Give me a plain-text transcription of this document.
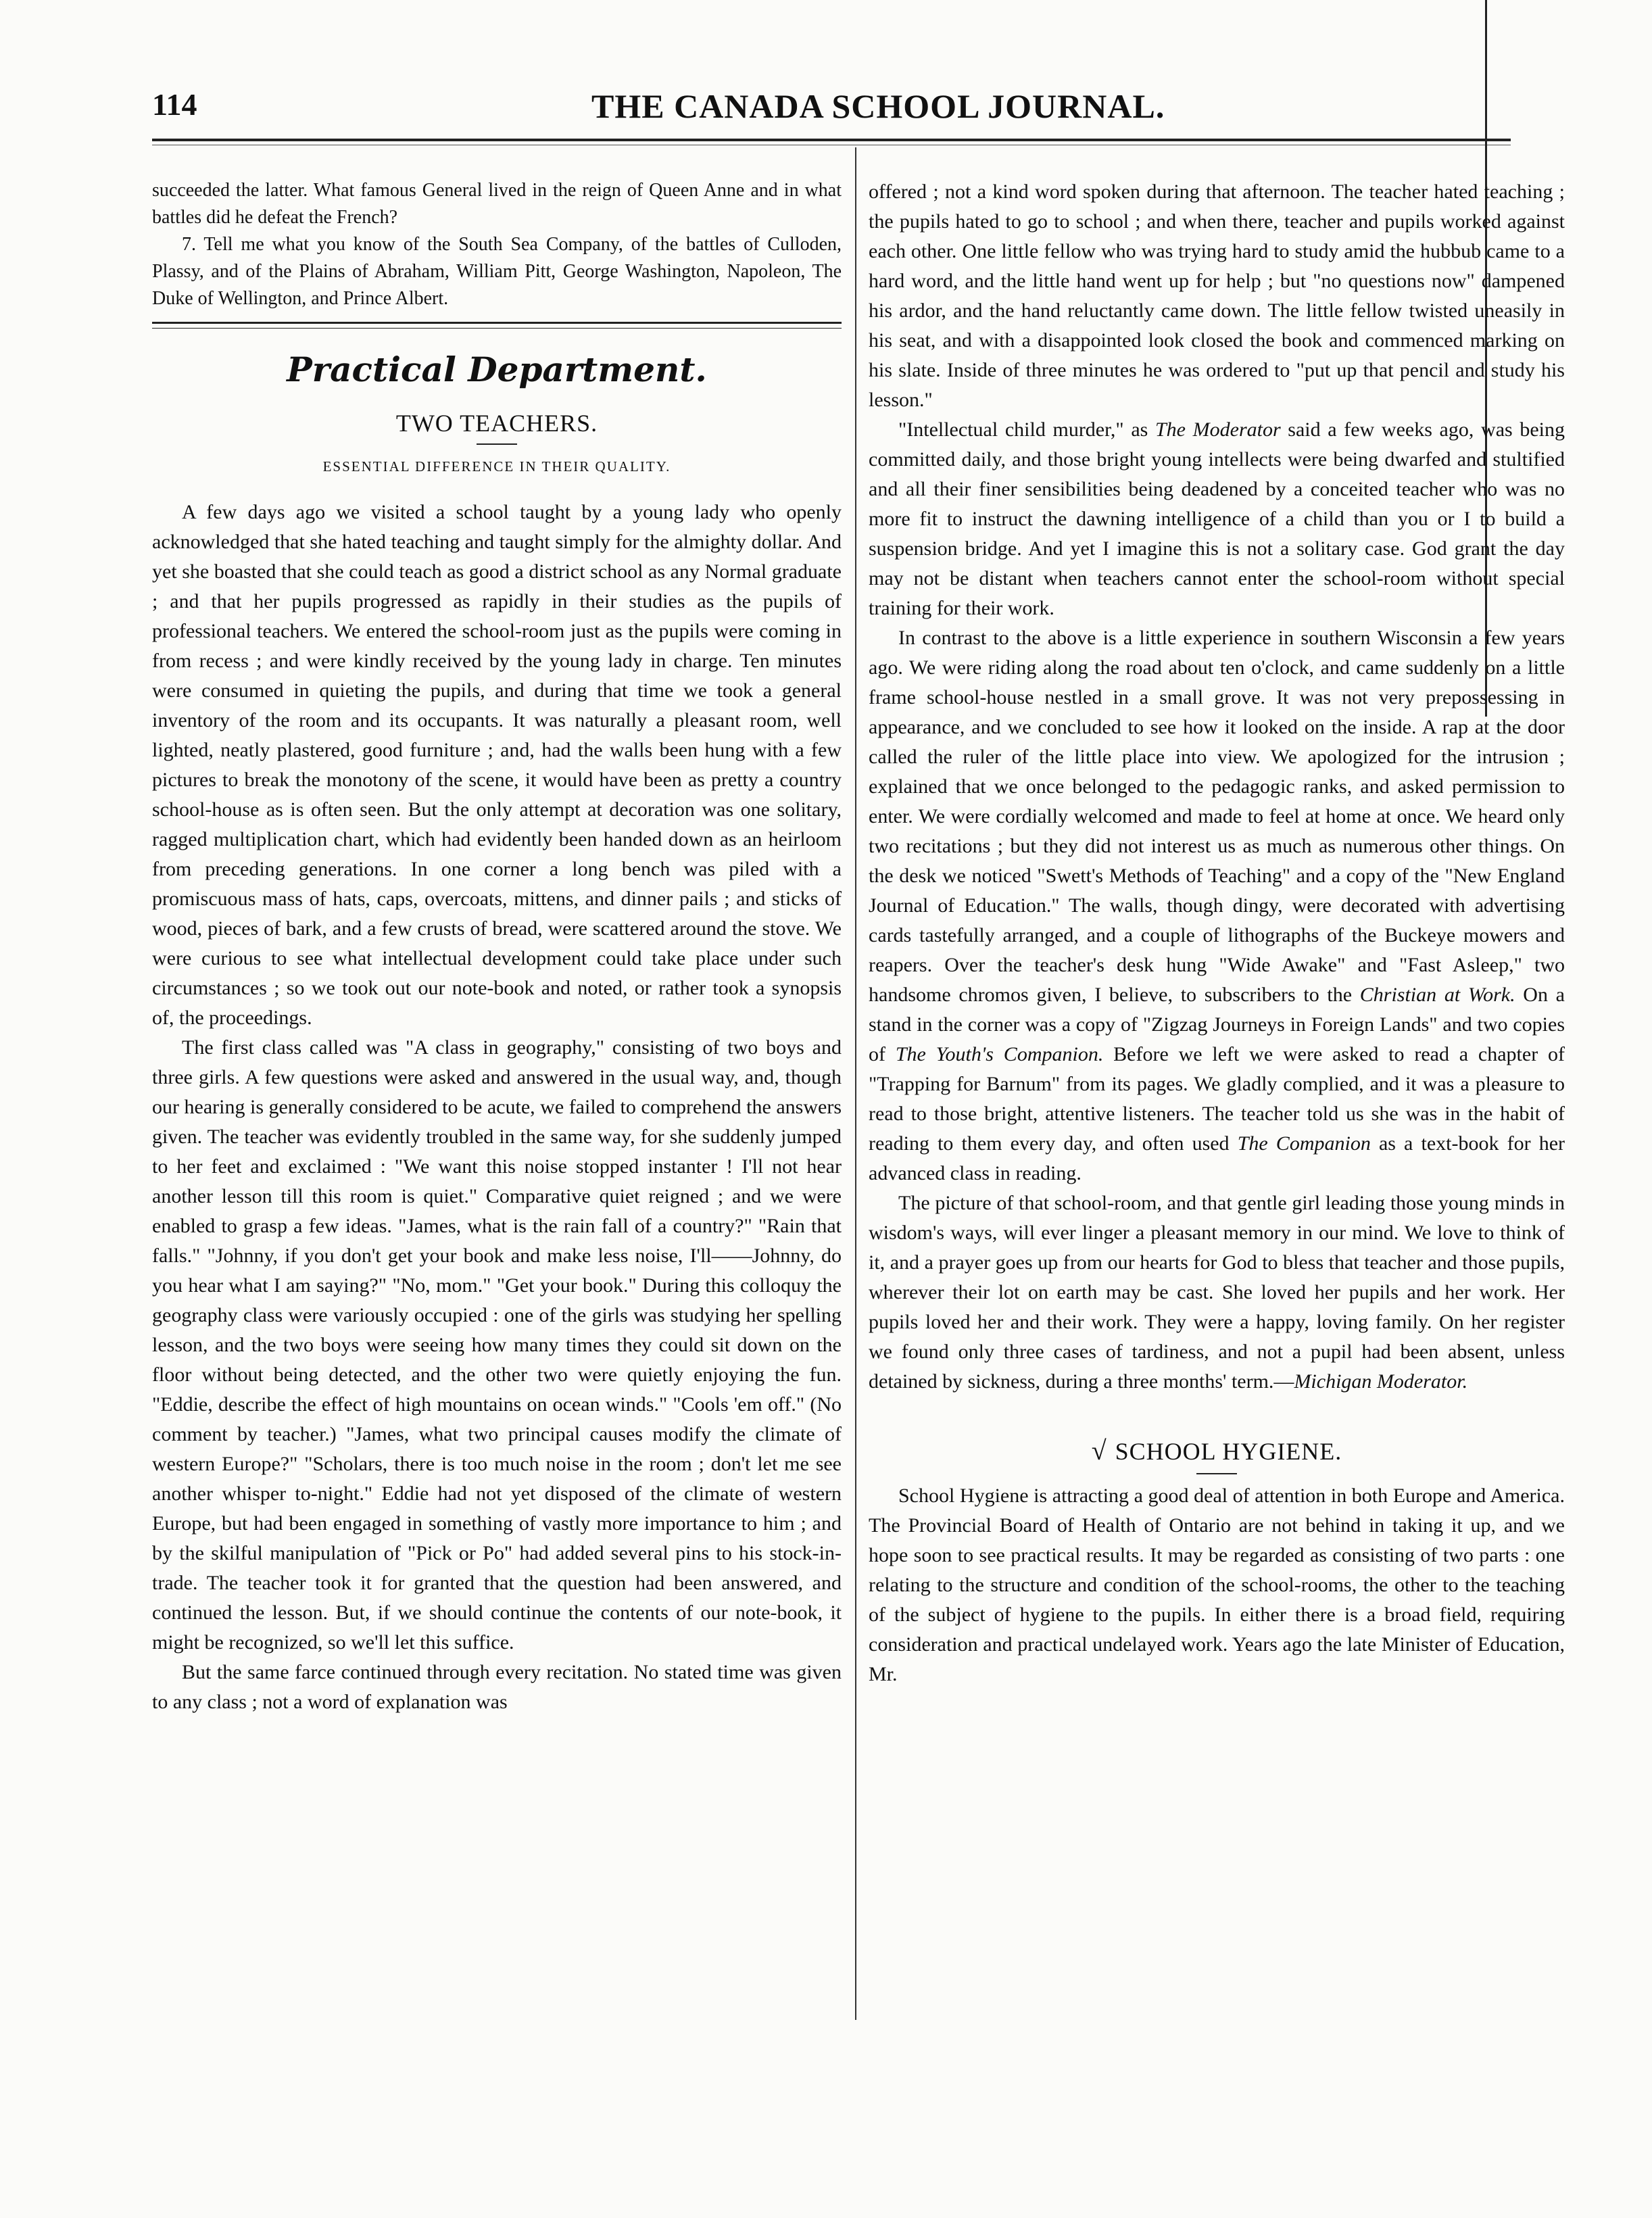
114	THE CANADA SCHOOL JOURNAL.

succeeded the latter. What famous General lived in the reign of Queen Anne and in what battles did he defeat the French?

7. Tell me what you know of the South Sea Company, of the battles of Culloden, Plassy, and of the Plains of Abraham, William Pitt, George Washington, Napoleon, The Duke of Wellington, and Prince Albert.

Practical Department.
TWO TEACHERS.
ESSENTIAL DIFFERENCE IN THEIR QUALITY.

A few days ago we visited a school taught by a young lady who openly acknowledged that she hated teaching and taught simply for the almighty dollar. And yet she boasted that she could teach as good a district school as any Normal graduate ; and that her pupils progressed as rapidly in their studies as the pupils of professional teachers. We entered the school-room just as the pupils were coming in from recess ; and were kindly received by the young lady in charge. Ten minutes were consumed in quieting the pupils, and during that time we took a general inventory of the room and its occupants. It was naturally a pleasant room, well lighted, neatly plastered, good furniture ; and, had the walls been hung with a few pictures to break the monotony of the scene, it would have been as pretty a country school-house as is often seen. But the only attempt at decoration was one solitary, ragged multiplication chart, which had evidently been handed down as an heirloom from preceding generations. In one corner a long bench was piled with a promiscuous mass of hats, caps, overcoats, mittens, and dinner pails ; and sticks of wood, pieces of bark, and a few crusts of bread, were scattered around the stove. We were curious to see what intellectual development could take place under such circumstances ; so we took out our note-book and noted, or rather took a synopsis of, the proceedings.

The first class called was "A class in geography," consisting of two boys and three girls. A few questions were asked and answered in the usual way, and, though our hearing is generally considered to be acute, we failed to comprehend the answers given. The teacher was evidently troubled in the same way, for she suddenly jumped to her feet and exclaimed : "We want this noise stopped instanter ! I'll not hear another lesson till this room is quiet." Comparative quiet reigned ; and we were enabled to grasp a few ideas. "James, what is the rain fall of a country?" "Rain that falls." "Johnny, if you don't get your book and make less noise, I'll——Johnny, do you hear what I am saying?" "No, mom." "Get your book." During this colloquy the geography class were variously occupied : one of the girls was studying her spelling lesson, and the two boys were seeing how many times they could sit down on the floor without being detected, and the other two were quietly enjoying the fun. "Eddie, describe the effect of high mountains on ocean winds." "Cools 'em off." (No comment by teacher.) "James, what two principal causes modify the climate of western Europe?" "Scholars, there is too much noise in the room ; don't let me see another whisper to-night." Eddie had not yet disposed of the climate of western Europe, but had been engaged in something of vastly more importance to him ; and by the skilful manipulation of "Pick or Po" had added several pins to his stock-in-trade. The teacher took it for granted that the question had been answered, and continued the lesson. But, if we should continue the contents of our note-book, it might be recognized, so we'll let this suffice.

But the same farce continued through every recitation. No stated time was given to any class ; not a word of explanation was

offered ; not a kind word spoken during that afternoon. The teacher hated teaching ; the pupils hated to go to school ; and when there, teacher and pupils worked against each other. One little fellow who was trying hard to study amid the hubbub came to a hard word, and the little hand went up for help ; but "no questions now" dampened his ardor, and the hand reluctantly came down. The little fellow twisted uneasily in his seat, and with a disappointed look closed the book and commenced marking on his slate. Inside of three minutes he was ordered to "put up that pencil and study his lesson."

"Intellectual child murder," as The Moderator said a few weeks ago, was being committed daily, and those bright young intellects were being dwarfed and stultified and all their finer sensibilities being deadened by a conceited teacher who was no more fit to instruct the dawning intelligence of a child than you or I to build a suspension bridge. And yet I imagine this is not a solitary case. God grant the day may not be distant when teachers cannot enter the school-room without special training for their work.

In contrast to the above is a little experience in southern Wisconsin a few years ago. We were riding along the road about ten o'clock, and came suddenly on a little frame school-house nestled in a small grove. It was not very prepossessing in appearance, and we concluded to see how it looked on the inside. A rap at the door called the ruler of the little place into view. We apologized for the intrusion ; explained that we once belonged to the pedagogic ranks, and asked permission to enter. We were cordially welcomed and made to feel at home at once. We heard only two recitations ; but they did not interest us as much as numerous other things. On the desk we noticed "Swett's Methods of Teaching" and a copy of the "New England Journal of Education." The walls, though dingy, were decorated with advertising cards tastefully arranged, and a couple of lithographs of the Buckeye mowers and reapers. Over the teacher's desk hung "Wide Awake" and "Fast Asleep," two handsome chromos given, I believe, to subscribers to the Christian at Work. On a stand in the corner was a copy of "Zigzag Journeys in Foreign Lands" and two copies of The Youth's Companion. Before we left we were asked to read a chapter of "Trapping for Barnum" from its pages. We gladly complied, and it was a pleasure to read to those bright, attentive listeners. The teacher told us she was in the habit of reading to them every day, and often used The Companion as a text-book for her advanced class in reading.

The picture of that school-room, and that gentle girl leading those young minds in wisdom's ways, will ever linger a pleasant memory in our mind. We love to think of it, and a prayer goes up from our hearts for God to bless that teacher and those pupils, wherever their lot on earth may be cast. She loved her pupils and her work. Her pupils loved her and their work. They were a happy, loving family. On her register we found only three cases of tardiness, and not a pupil had been absent, unless detained by sickness, during a three months' term.—Michigan Moderator.

√ SCHOOL HYGIENE.

School Hygiene is attracting a good deal of attention in both Europe and America. The Provincial Board of Health of Ontario are not behind in taking it up, and we hope soon to see practical results. It may be regarded as consisting of two parts : one relating to the structure and condition of the school-rooms, the other to the teaching of the subject of hygiene to the pupils. In either there is a broad field, requiring consideration and practical undelayed work. Years ago the late Minister of Education, Mr.
